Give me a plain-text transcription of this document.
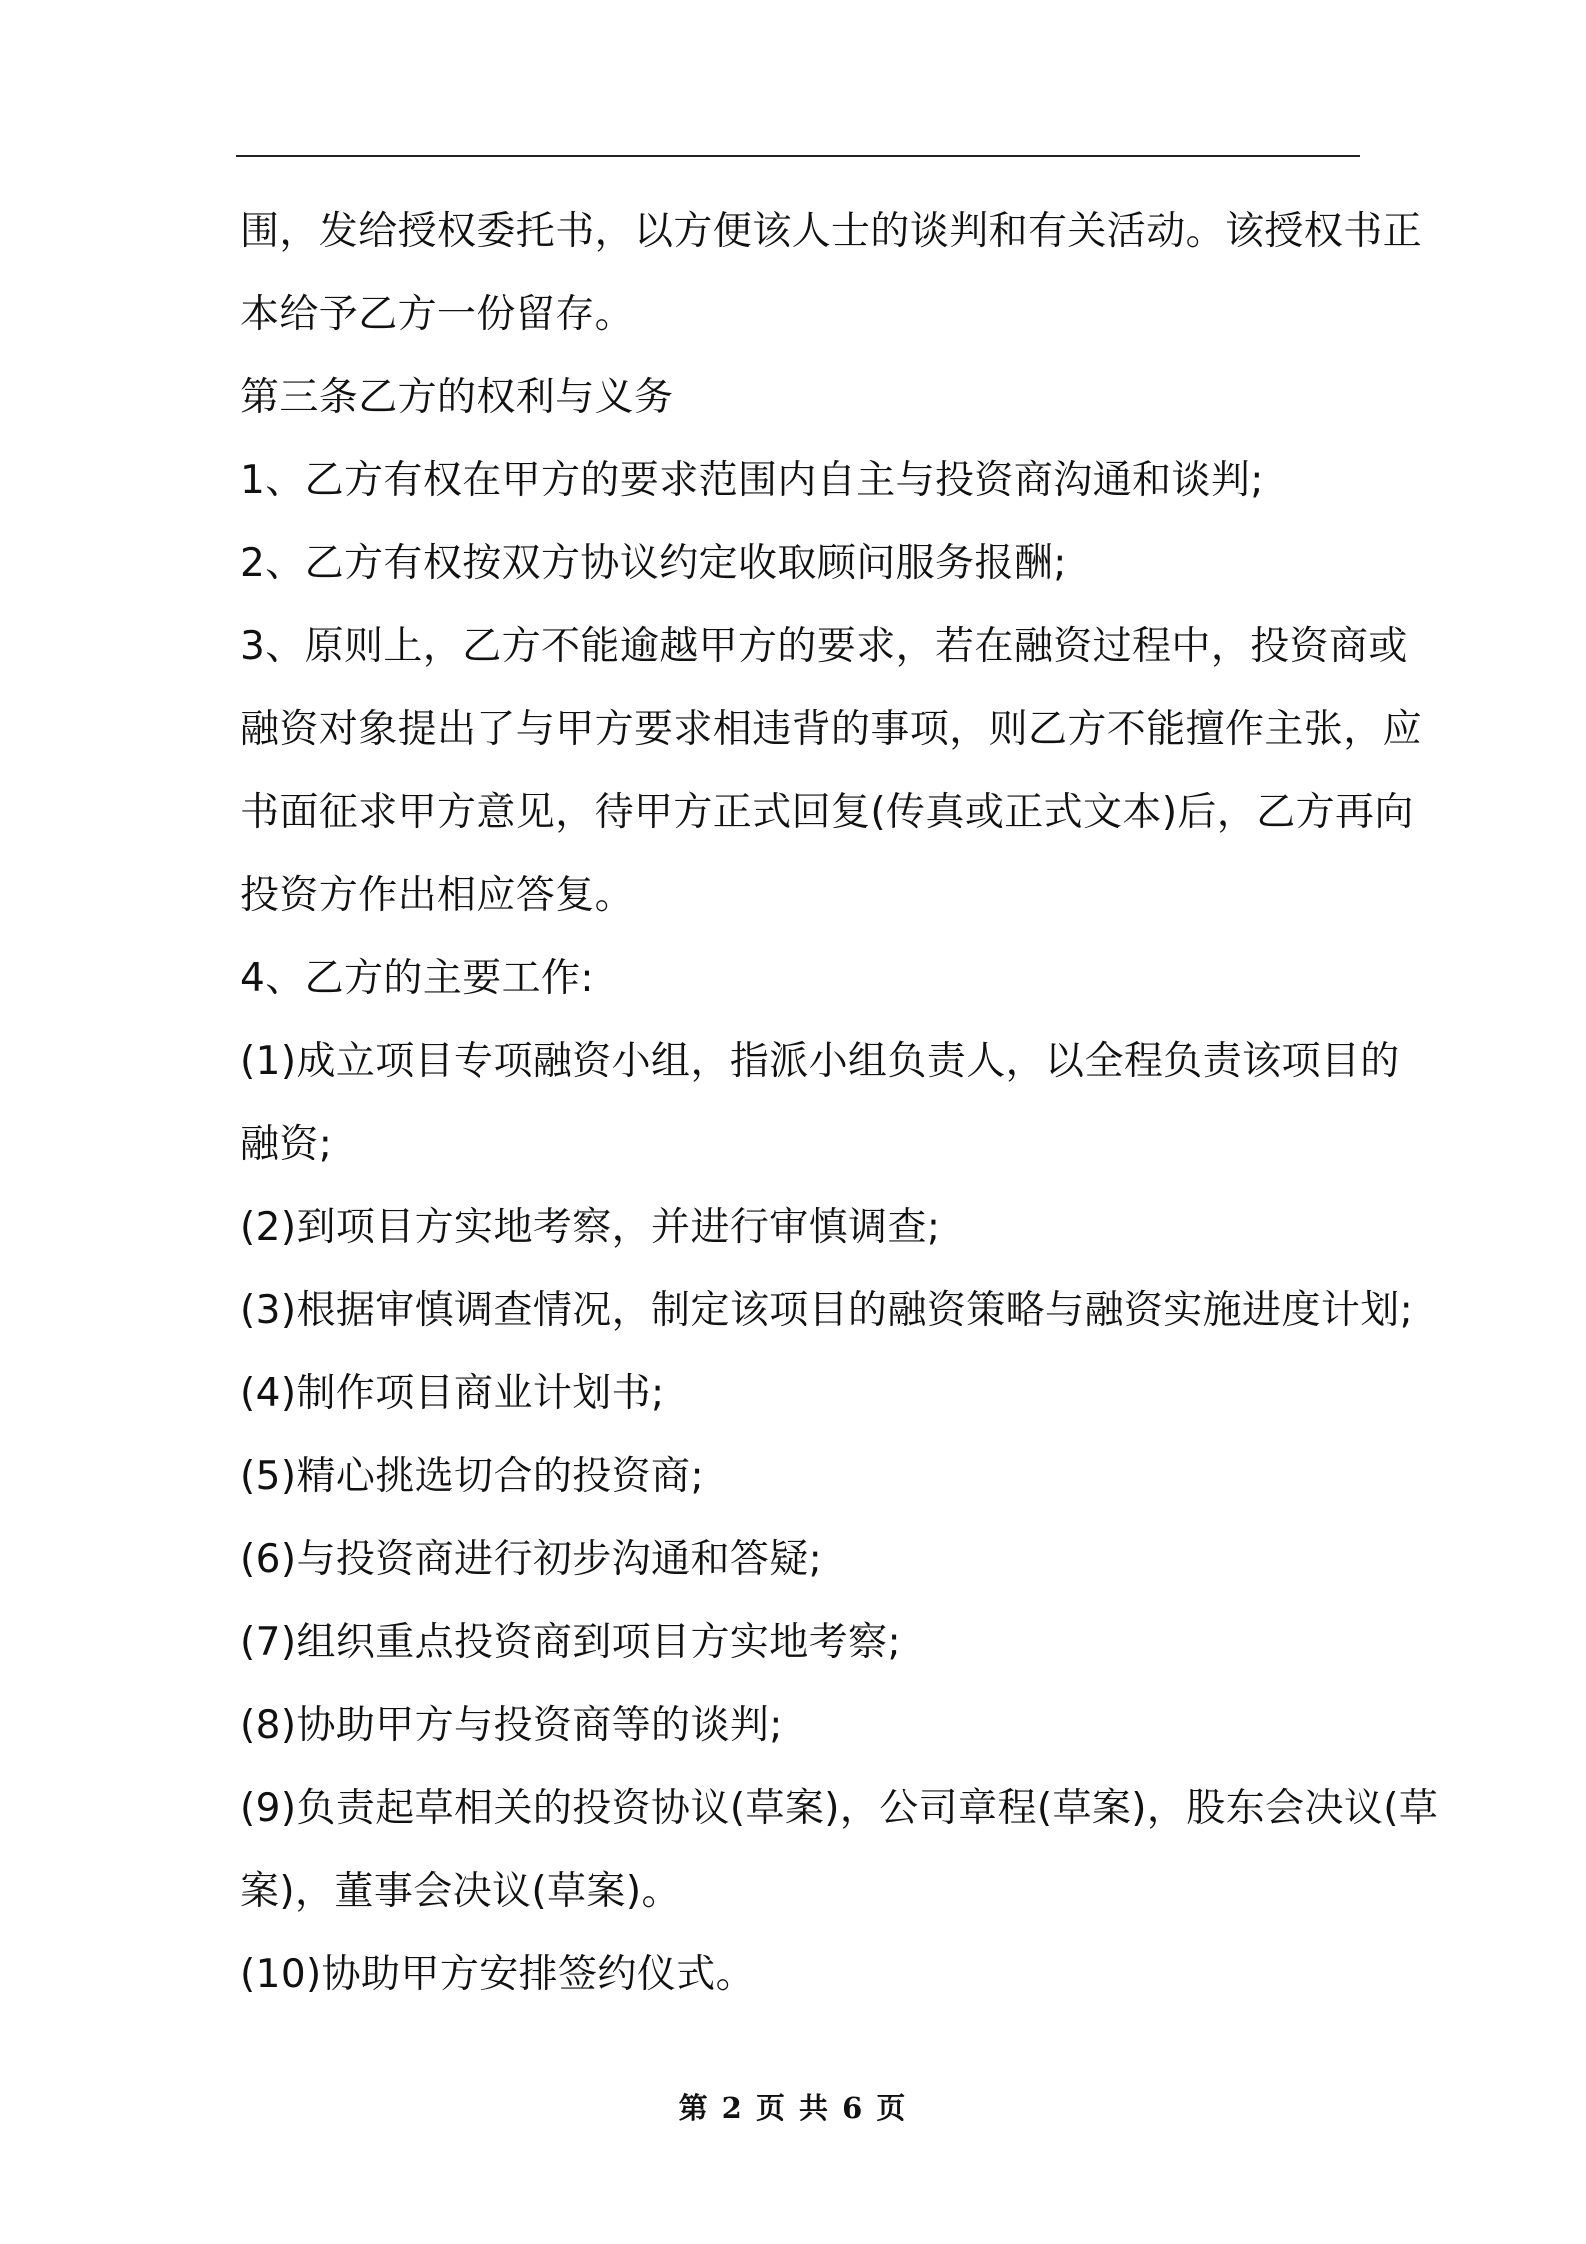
围，发给授权委托书，以方便该人士的谈判和有关活动。该授权书正

本给予乙方一份留存。

第三条乙方的权利与义务

1、乙方有权在甲方的要求范围内自主与投资商沟通和谈判;

2、乙方有权按双方协议约定收取顾问服务报酬;

3、原则上，乙方不能逾越甲方的要求，若在融资过程中，投资商或

融资对象提出了与甲方要求相违背的事项，则乙方不能擅作主张，应

书面征求甲方意见，待甲方正式回复(传真或正式文本)后，乙方再向

投资方作出相应答复。

4、乙方的主要工作:

(1)成立项目专项融资小组，指派小组负责人，以全程负责该项目的

融资;

(2)到项目方实地考察，并进行审慎调查;

(3)根据审慎调查情况，制定该项目的融资策略与融资实施进度计划;

(4)制作项目商业计划书;

(5)精心挑选切合的投资商;

(6)与投资商进行初步沟通和答疑;

(7)组织重点投资商到项目方实地考察;

(8)协助甲方与投资商等的谈判;

(9)负责起草相关的投资协议(草案)，公司章程(草案)，股东会决议(草

案)，董事会决议(草案)。

(10)协助甲方安排签约仪式。

第 2 页 共 6 页
